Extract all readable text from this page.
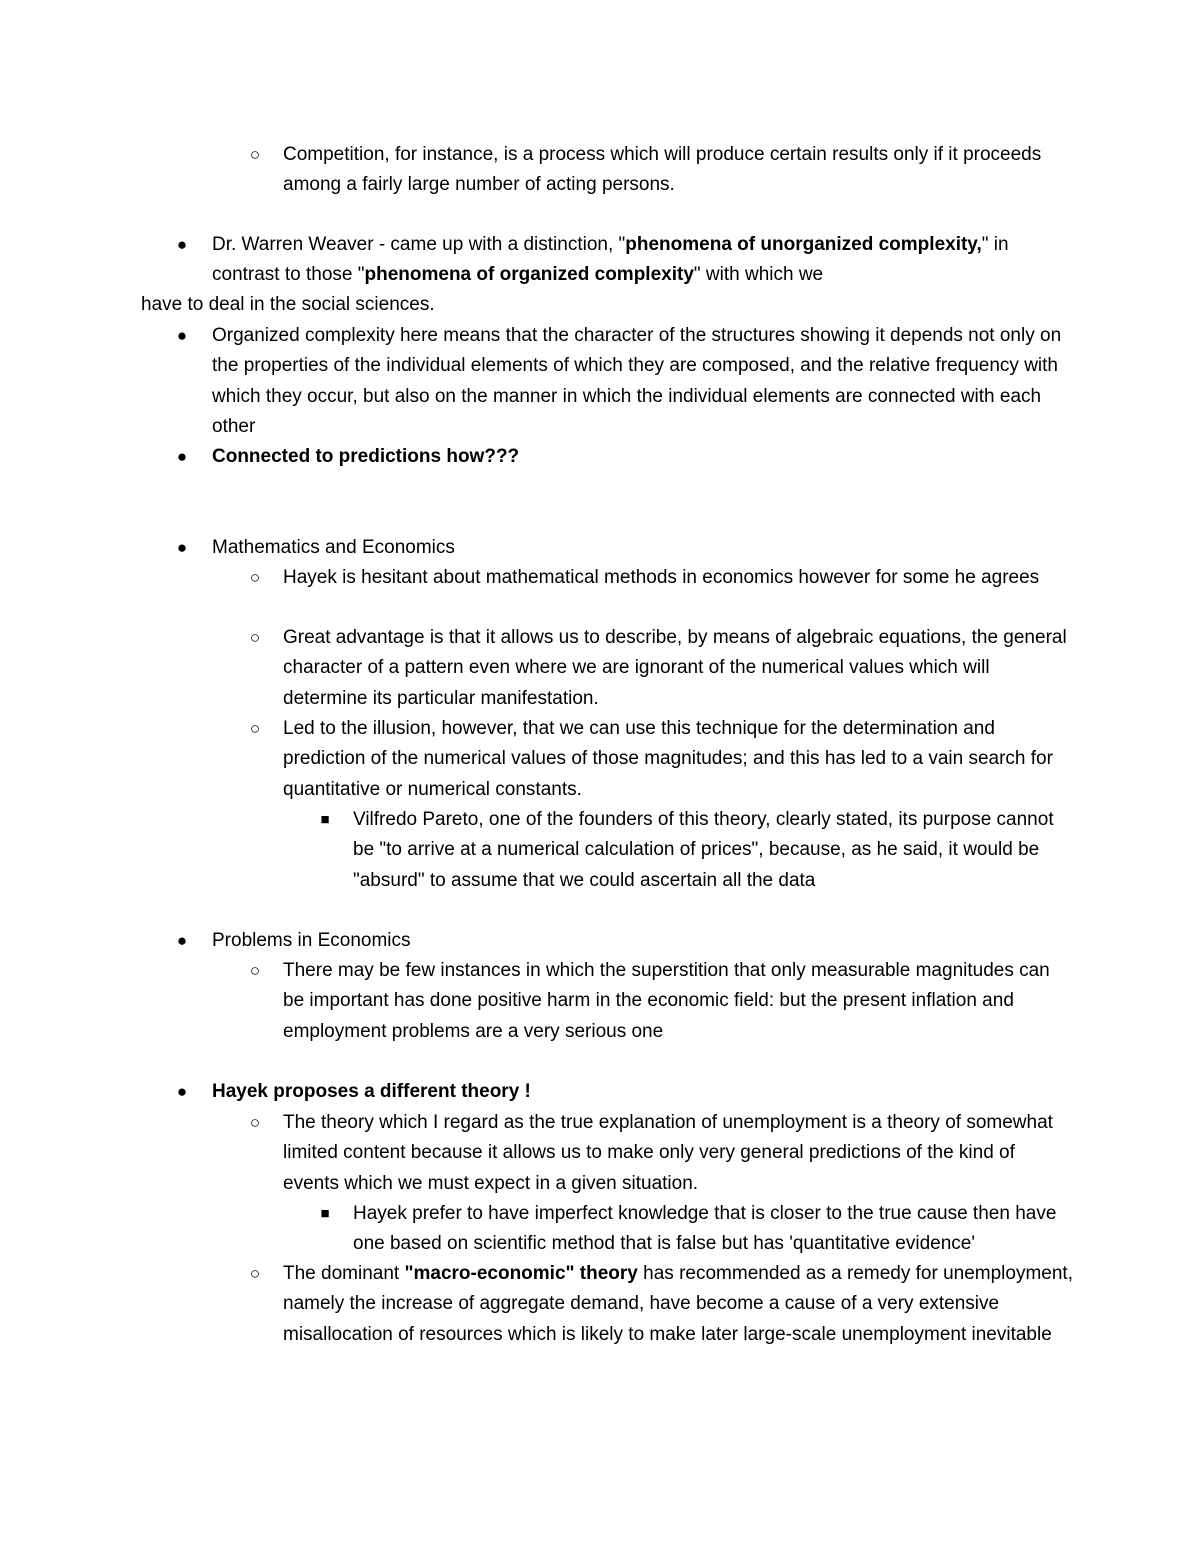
○ Competition, for instance, is a process which will produce certain results only if it proceeds among a fairly large number of acting persons.
● Dr. Warren Weaver - came up with a distinction, "phenomena of unorganized complexity," in contrast to those "phenomena of organized complexity" with which we
have to deal in the social sciences.
● Organized complexity here means that the character of the structures showing it depends not only on the properties of the individual elements of which they are composed, and the relative frequency with which they occur, but also on the manner in which the individual elements are connected with each other
● Connected to predictions how???
● Mathematics and Economics
○ Hayek is hesitant about mathematical methods in economics however for some he agrees
○ Great advantage is that it allows us to describe, by means of algebraic equations, the general character of a pattern even where we are ignorant of the numerical values which will determine its particular manifestation.
○ Led to the illusion, however, that we can use this technique for the determination and prediction of the numerical values of those magnitudes; and this has led to a vain search for quantitative or numerical constants.
■ Vilfredo Pareto, one of the founders of this theory, clearly stated, its purpose cannot be "to arrive at a numerical calculation of prices", because, as he said, it would be "absurd" to assume that we could ascertain all the data
● Problems in Economics
○ There may be few instances in which the superstition that only measurable magnitudes can be important has done positive harm in the economic field: but the present inflation and employment problems are a very serious one
● Hayek proposes a different theory !
○ The theory which I regard as the true explanation of unemployment is a theory of somewhat limited content because it allows us to make only very general predictions of the kind of events which we must expect in a given situation.
■ Hayek prefer to have imperfect knowledge that is closer to the true cause then have one based on scientific method that is false but has 'quantitative evidence'
○ The dominant "macro-economic" theory has recommended as a remedy for unemployment, namely the increase of aggregate demand, have become a cause of a very extensive misallocation of resources which is likely to make later large-scale unemployment inevitable
